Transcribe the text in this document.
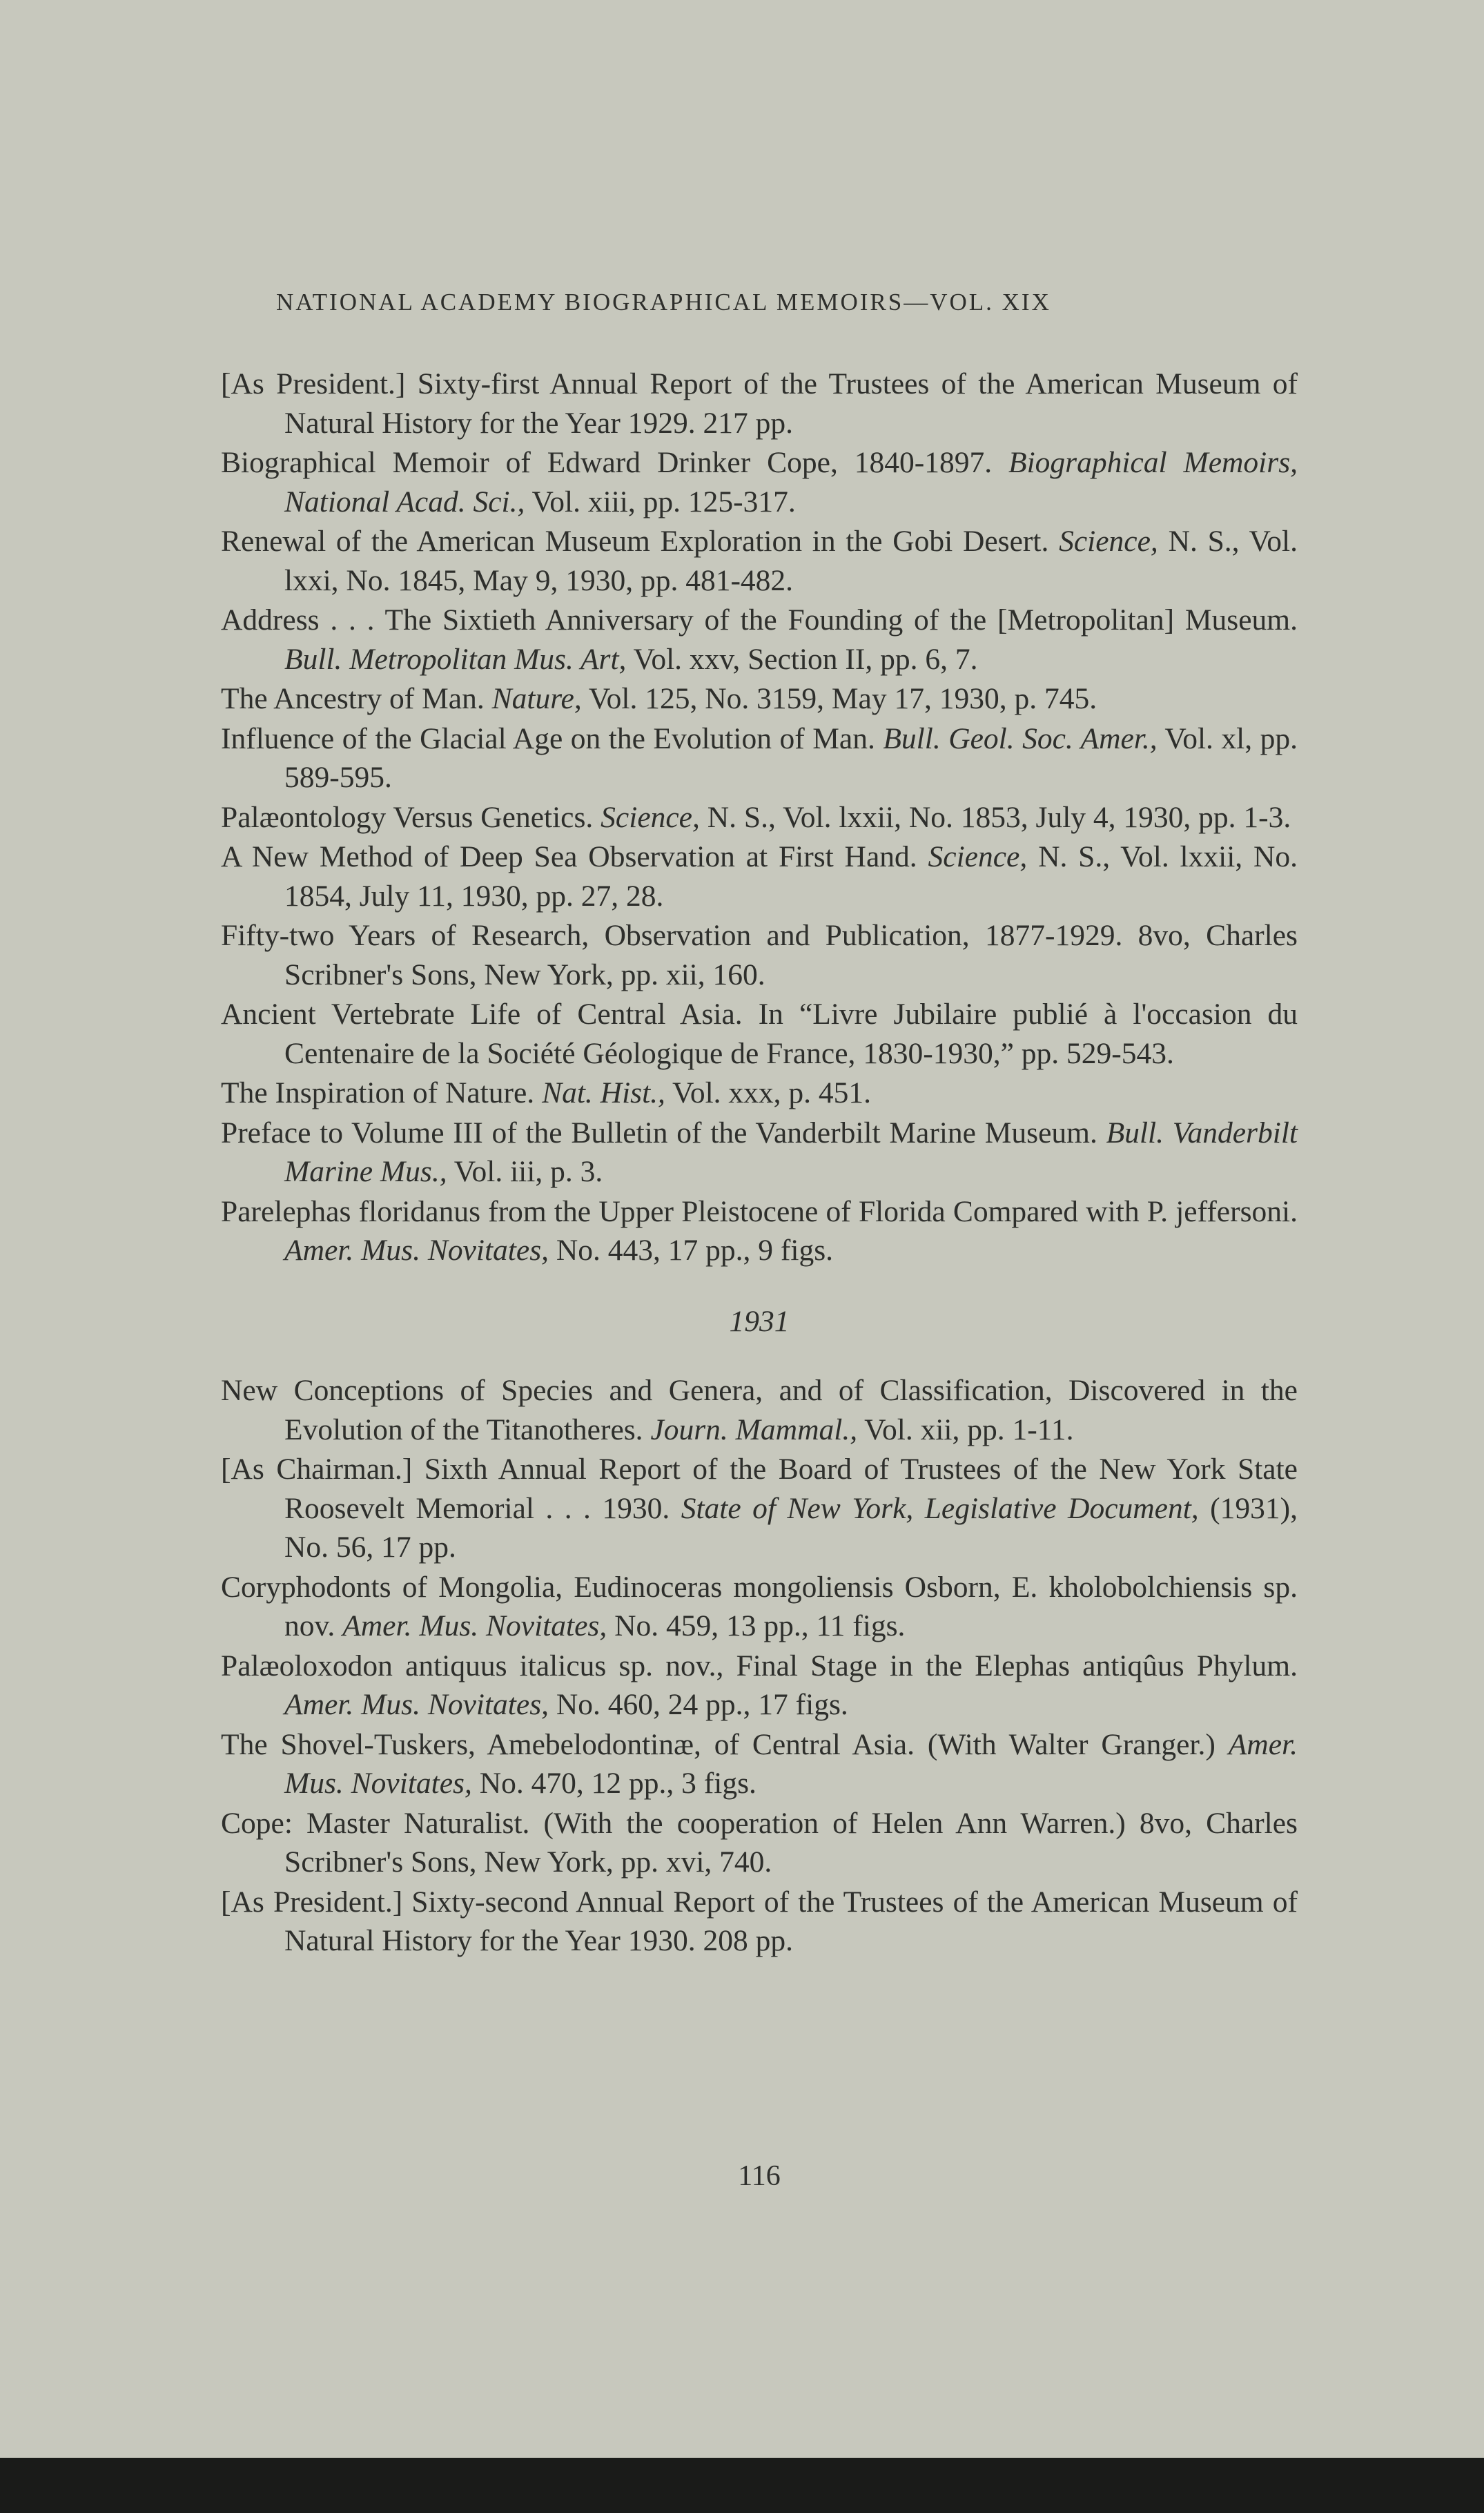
NATIONAL ACADEMY BIOGRAPHICAL MEMOIRS—VOL. XIX

[As President.] Sixty-first Annual Report of the Trustees of the American Museum of Natural History for the Year 1929. 217 pp.

Biographical Memoir of Edward Drinker Cope, 1840-1897. Biographical Memoirs, National Acad. Sci., Vol. xiii, pp. 125-317.

Renewal of the American Museum Exploration in the Gobi Desert. Science, N. S., Vol. lxxi, No. 1845, May 9, 1930, pp. 481-482.

Address . . . The Sixtieth Anniversary of the Founding of the [Metropolitan] Museum. Bull. Metropolitan Mus. Art, Vol. xxv, Section II, pp. 6, 7.

The Ancestry of Man. Nature, Vol. 125, No. 3159, May 17, 1930, p. 745.

Influence of the Glacial Age on the Evolution of Man. Bull. Geol. Soc. Amer., Vol. xl, pp. 589-595.

Palæontology Versus Genetics. Science, N. S., Vol. lxxii, No. 1853, July 4, 1930, pp. 1-3.

A New Method of Deep Sea Observation at First Hand. Science, N. S., Vol. lxxii, No. 1854, July 11, 1930, pp. 27, 28.

Fifty-two Years of Research, Observation and Publication, 1877-1929. 8vo, Charles Scribner's Sons, New York, pp. xii, 160.

Ancient Vertebrate Life of Central Asia. In “Livre Jubilaire publié à l'occasion du Centenaire de la Société Géologique de France, 1830-1930,” pp. 529-543.

The Inspiration of Nature. Nat. Hist., Vol. xxx, p. 451.

Preface to Volume III of the Bulletin of the Vanderbilt Marine Museum. Bull. Vanderbilt Marine Mus., Vol. iii, p. 3.

Parelephas floridanus from the Upper Pleistocene of Florida Compared with P. jeffersoni. Amer. Mus. Novitates, No. 443, 17 pp., 9 figs.

1931

New Conceptions of Species and Genera, and of Classification, Discovered in the Evolution of the Titanotheres. Journ. Mammal., Vol. xii, pp. 1-11.

[As Chairman.] Sixth Annual Report of the Board of Trustees of the New York State Roosevelt Memorial . . . 1930. State of New York, Legislative Document, (1931), No. 56, 17 pp.

Coryphodonts of Mongolia, Eudinoceras mongoliensis Osborn, E. kholobolchiensis sp. nov. Amer. Mus. Novitates, No. 459, 13 pp., 11 figs.

Palæoloxodon antiquus italicus sp. nov., Final Stage in the Elephas antiqûus Phylum. Amer. Mus. Novitates, No. 460, 24 pp., 17 figs.

The Shovel-Tuskers, Amebelodontinæ, of Central Asia. (With Walter Granger.) Amer. Mus. Novitates, No. 470, 12 pp., 3 figs.

Cope: Master Naturalist. (With the cooperation of Helen Ann Warren.) 8vo, Charles Scribner's Sons, New York, pp. xvi, 740.

[As President.] Sixty-second Annual Report of the Trustees of the American Museum of Natural History for the Year 1930. 208 pp.

116
